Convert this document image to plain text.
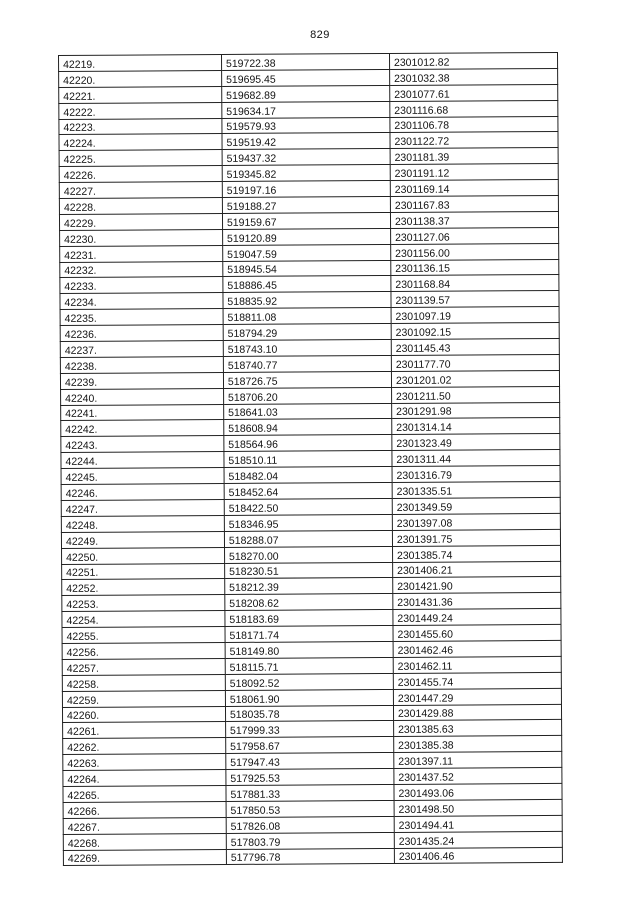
829
42219.	519722.38	2301012.82
42220.	519695.45	2301032.38
42221.	519682.89	2301077.61
42222.	519634.17	2301116.68
42223.	519579.93	2301106.78
42224.	519519.42	2301122.72
42225.	519437.32	2301181.39
42226.	519345.82	2301191.12
42227.	519197.16	2301169.14
42228.	519188.27	2301167.83
42229.	519159.67	2301138.37
42230.	519120.89	2301127.06
42231.	519047.59	2301156.00
42232.	518945.54	2301136.15
42233.	518886.45	2301168.84
42234.	518835.92	2301139.57
42235.	518811.08	2301097.19
42236.	518794.29	2301092.15
42237.	518743.10	2301145.43
42238.	518740.77	2301177.70
42239.	518726.75	2301201.02
42240.	518706.20	2301211.50
42241.	518641.03	2301291.98
42242.	518608.94	2301314.14
42243.	518564.96	2301323.49
42244.	518510.11	2301311.44
42245.	518482.04	2301316.79
42246.	518452.64	2301335.51
42247.	518422.50	2301349.59
42248.	518346.95	2301397.08
42249.	518288.07	2301391.75
42250.	518270.00	2301385.74
42251.	518230.51	2301406.21
42252.	518212.39	2301421.90
42253.	518208.62	2301431.36
42254.	518183.69	2301449.24
42255.	518171.74	2301455.60
42256.	518149.80	2301462.46
42257.	518115.71	2301462.11
42258.	518092.52	2301455.74
42259.	518061.90	2301447.29
42260.	518035.78	2301429.88
42261.	517999.33	2301385.63
42262.	517958.67	2301385.38
42263.	517947.43	2301397.11
42264.	517925.53	2301437.52
42265.	517881.33	2301493.06
42266.	517850.53	2301498.50
42267.	517826.08	2301494.41
42268.	517803.79	2301435.24
42269.	517796.78	2301406.46
